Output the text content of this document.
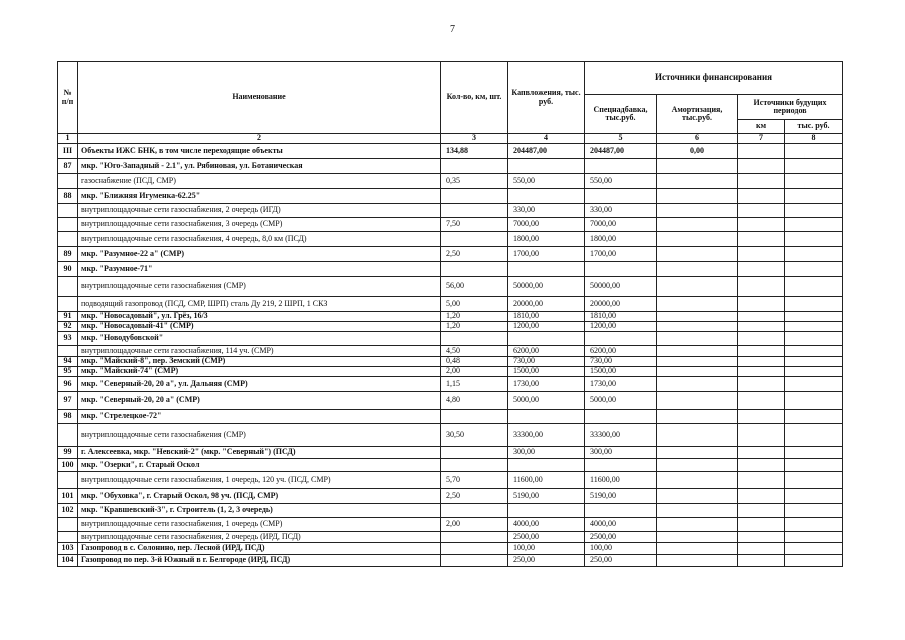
7
№ п/п	Наименование	Кол-во, км, шт.	Капвложения, тыс. руб.	Источники финансирования			
				Спецнадбавка, тыс.руб.	Амортизация, тыс.руб.	Источники будущих периодов	
						км	тыс. руб.
1	2	3	4	5	6	7	8
III	Объекты ИЖС БНК, в том числе переходящие объекты	134,88	204487,00	204487,00	0,00		
87	мкр. "Юго-Западный - 2.1", ул. Рябиновая, ул. Ботаническая						
	газоснабжение (ПСД, СМР)	0,35	550,00	550,00			
88	мкр. "Ближняя Игуменка-62.25"						
	внутриплощадочные сети газоснабжения, 2 очередь (ИГД)		330,00	330,00			
	внутриплощадочные сети газоснабжения, 3 очередь (СМР)	7,50	7000,00	7000,00			
	внутриплощадочные сети газоснабжения, 4 очередь, 8,0 км (ПСД)		1800,00	1800,00			
89	мкр. "Разумное-22 а" (СМР)	2,50	1700,00	1700,00			
90	мкр. "Разумное-71"						
	внутриплощадочные сети газоснабжения (СМР)	56,00	50000,00	50000,00			
	подводящий газопровод (ПСД, СМР, ШРП) сталь Ду 219, 2 ШРП, 1 СКЗ	5,00	20000,00	20000,00			
91	мкр. "Новосадовый", ул. Грёз, 16/3	1,20	1810,00	1810,00			
92	мкр. "Новосадовый-41" (СМР)	1,20	1200,00	1200,00			
93	мкр. "Новодубовской"						
	внутриплощадочные сети газоснабжения, 114 уч. (СМР)	4,50	6200,00	6200,00			
94	мкр. "Майский-8", пер. Земский (СМР)	0,48	730,00	730,00			
95	мкр. "Майский-74" (СМР)	2,00	1500,00	1500,00			
96	мкр. "Северный-20, 20 а", ул. Дальняя (СМР)	1,15	1730,00	1730,00			
97	мкр. "Северный-20, 20 а" (СМР)	4,80	5000,00	5000,00			
98	мкр. "Стрелецкое-72"						
	внутриплощадочные сети газоснабжения (СМР)	30,50	33300,00	33300,00			
99	г. Алексеевка, мкр. "Невский-2" (мкр. "Северный") (ПСД)		300,00	300,00			
100	мкр. "Озерки", г. Старый Оскол						
	внутриплощадочные сети газоснабжения, 1 очередь, 120 уч. (ПСД, СМР)	5,70	11600,00	11600,00			
101	мкр. "Обуховка", г. Старый Оскол, 98 уч. (ПСД, СМР)	2,50	5190,00	5190,00			
102	мкр. "Кравшевский-3", г. Строитель (1, 2, 3 очередь)						
	внутриплощадочные сети газоснабжения, 1 очередь (СМР)	2,00	4000,00	4000,00			
	внутриплощадочные сети газоснабжения, 2 очередь (ИРД, ПСД)		2500,00	2500,00			
103	Газопровод в с. Солонино, пер. Лесной (ИРД, ПСД)		100,00	100,00			
104	Газопровод по пер. 3-й Южный в г. Белгороде (ИРД, ПСД)		250,00	250,00			
